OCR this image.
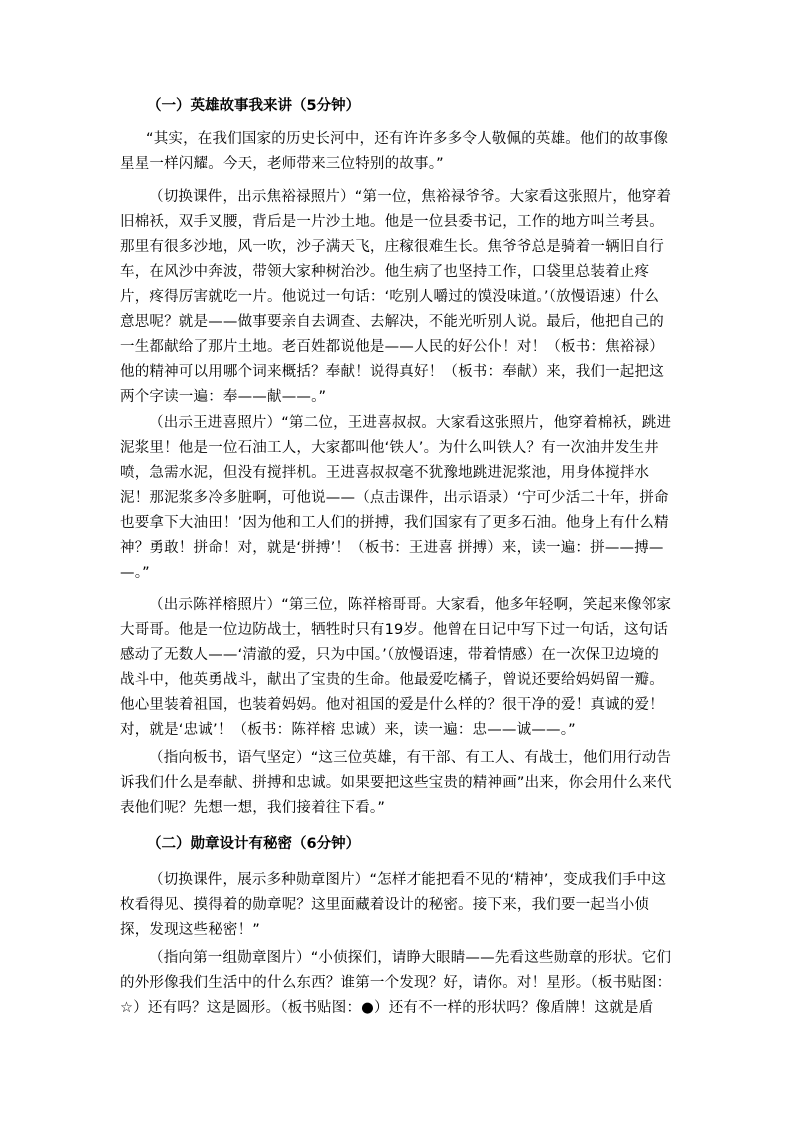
（一）英雄故事我来讲（5分钟）
“其实，在我们国家的历史长河中，还有许许多多令人敬佩的英雄。他们的故事像
星星一样闪耀。今天，老师带来三位特别的故事。”
（切换课件，出示焦裕禄照片）“第一位，焦裕禄爷爷。大家看这张照片，他穿着
旧棉袄，双手叉腰，背后是一片沙土地。他是一位县委书记，工作的地方叫兰考县。
那里有很多沙地，风一吹，沙子满天飞，庄稼很难生长。焦爷爷总是骑着一辆旧自行
车，在风沙中奔波，带领大家种树治沙。他生病了也坚持工作，口袋里总装着止疼
片，疼得厉害就吃一片。他说过一句话：‘吃别人嚼过的馍没味道。’（放慢语速）什么
意思呢？就是——做事要亲自去调查、去解决，不能光听别人说。最后，他把自己的
一生都献给了那片土地。老百姓都说他是——人民的好公仆！对！（板书：焦裕禄）
他的精神可以用哪个词来概括？奉献！说得真好！（板书：奉献）来，我们一起把这
两个字读一遍：奉——献——。”
（出示王进喜照片）“第二位，王进喜叔叔。大家看这张照片，他穿着棉袄，跳进
泥浆里！他是一位石油工人，大家都叫他‘铁人’。为什么叫铁人？有一次油井发生井
喷，急需水泥，但没有搅拌机。王进喜叔叔毫不犹豫地跳进泥浆池，用身体搅拌水
泥！那泥浆多冷多脏啊，可他说——（点击课件，出示语录）‘宁可少活二十年，拼命
也要拿下大油田！’因为他和工人们的拼搏，我们国家有了更多石油。他身上有什么精
神？勇敢！拼命！对，就是‘拼搏’！（板书：王进喜 拼搏）来，读一遍：拼——搏—
—。”
（出示陈祥榕照片）“第三位，陈祥榕哥哥。大家看，他多年轻啊，笑起来像邻家
大哥哥。他是一位边防战士，牺牲时只有19岁。他曾在日记中写下过一句话，这句话
感动了无数人——‘清澈的爱，只为中国。’（放慢语速，带着情感）在一次保卫边境的
战斗中，他英勇战斗，献出了宝贵的生命。他最爱吃橘子，曾说还要给妈妈留一瓣。
他心里装着祖国，也装着妈妈。他对祖国的爱是什么样的？很干净的爱！真诚的爱！
对，就是‘忠诚’！（板书：陈祥榕 忠诚）来，读一遍：忠——诚——。”
（指向板书，语气坚定）“这三位英雄，有干部、有工人、有战士，他们用行动告
诉我们什么是奉献、拼搏和忠诚。如果要把这些宝贵的精神画”出来，你会用什么来代
表他们呢？先想一想，我们接着往下看。”
（二）勋章设计有秘密（6分钟）
（切换课件，展示多种勋章图片）“怎样才能把看不见的‘精神’，变成我们手中这
枚看得见、摸得着的勋章呢？这里面藏着设计的秘密。接下来，我们要一起当小侦
探，发现这些秘密！”
（指向第一组勋章图片）“小侦探们，请睁大眼睛——先看这些勋章的形状。它们
的外形像我们生活中的什么东西？谁第一个发现？好，请你。对！星形。（板书贴图：
☆）还有吗？这是圆形。（板书贴图：●）还有不一样的形状吗？像盾牌！这就是盾
